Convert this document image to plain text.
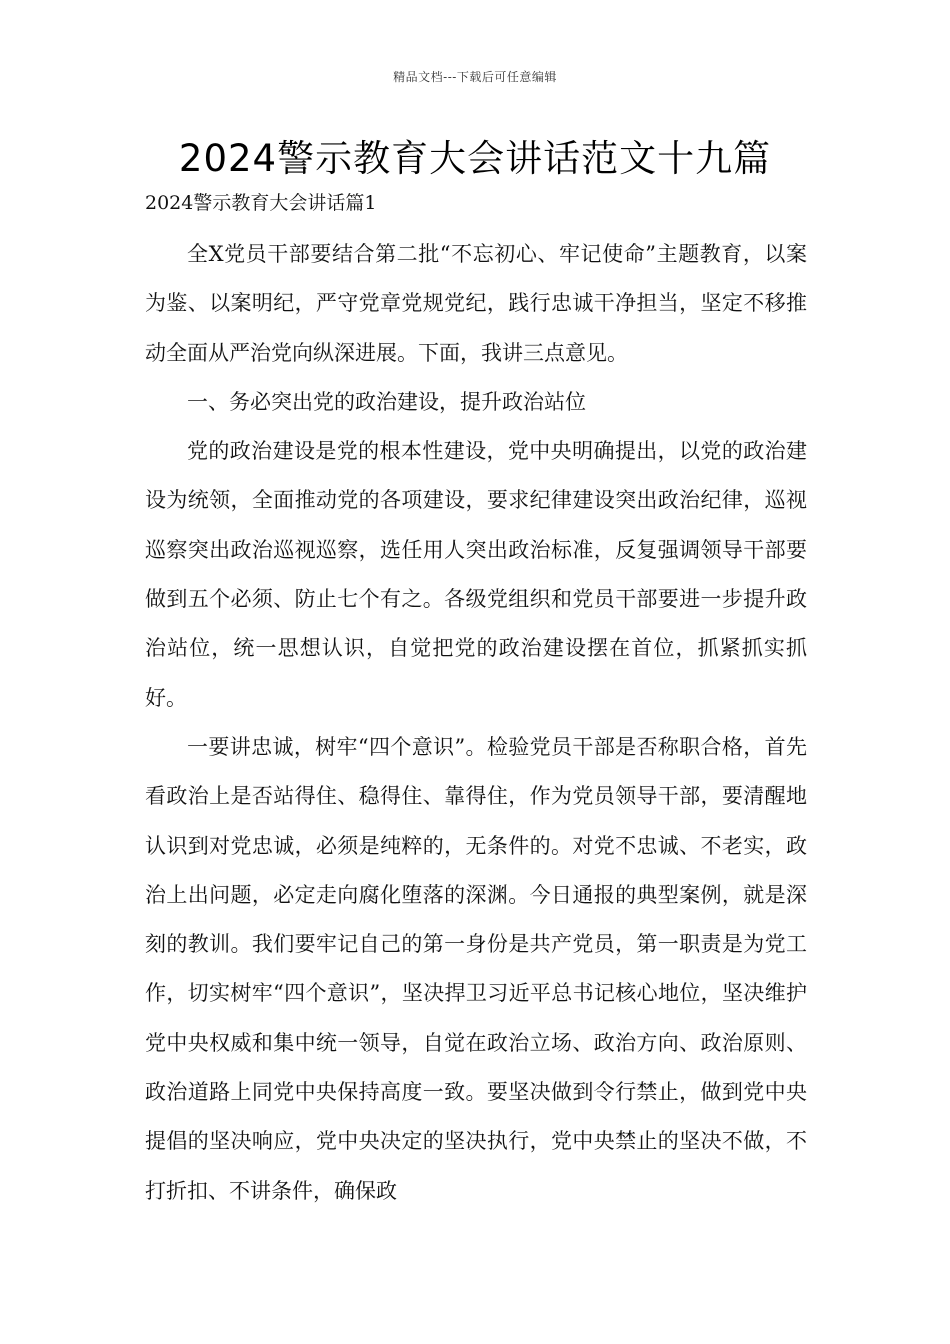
精品文档---下载后可任意编辑
2024警示教育大会讲话范文十九篇
2024警示教育大会讲话篇1

全X党员干部要结合第二批“不忘初心、牢记使命”主题教育，以案为鉴、以案明纪，严守党章党规党纪，践行忠诚干净担当，坚定不移推动全面从严治党向纵深进展。下面，我讲三点意见。

一、务必突出党的政治建设，提升政治站位

党的政治建设是党的根本性建设，党中央明确提出，以党的政治建设为统领，全面推动党的各项建设，要求纪律建设突出政治纪律，巡视巡察突出政治巡视巡察，选任用人突出政治标准，反复强调领导干部要做到五个必须、防止七个有之。各级党组织和党员干部要进一步提升政治站位，统一思想认识，自觉把党的政治建设摆在首位，抓紧抓实抓好。

一要讲忠诚，树牢“四个意识”。检验党员干部是否称职合格，首先看政治上是否站得住、稳得住、靠得住，作为党员领导干部，要清醒地认识到对党忠诚，必须是纯粹的，无条件的。对党不忠诚、不老实，政治上出问题，必定走向腐化堕落的深渊。今日通报的典型案例，就是深刻的教训。我们要牢记自己的第一身份是共产党员，第一职责是为党工作，切实树牢“四个意识”，坚决捍卫习近平总书记核心地位，坚决维护党中央权威和集中统一领导，自觉在政治立场、政治方向、政治原则、政治道路上同党中央保持高度一致。要坚决做到令行禁止，做到党中央提倡的坚决响应，党中央决定的坚决执行，党中央禁止的坚决不做，不打折扣、不讲条件，确保政
